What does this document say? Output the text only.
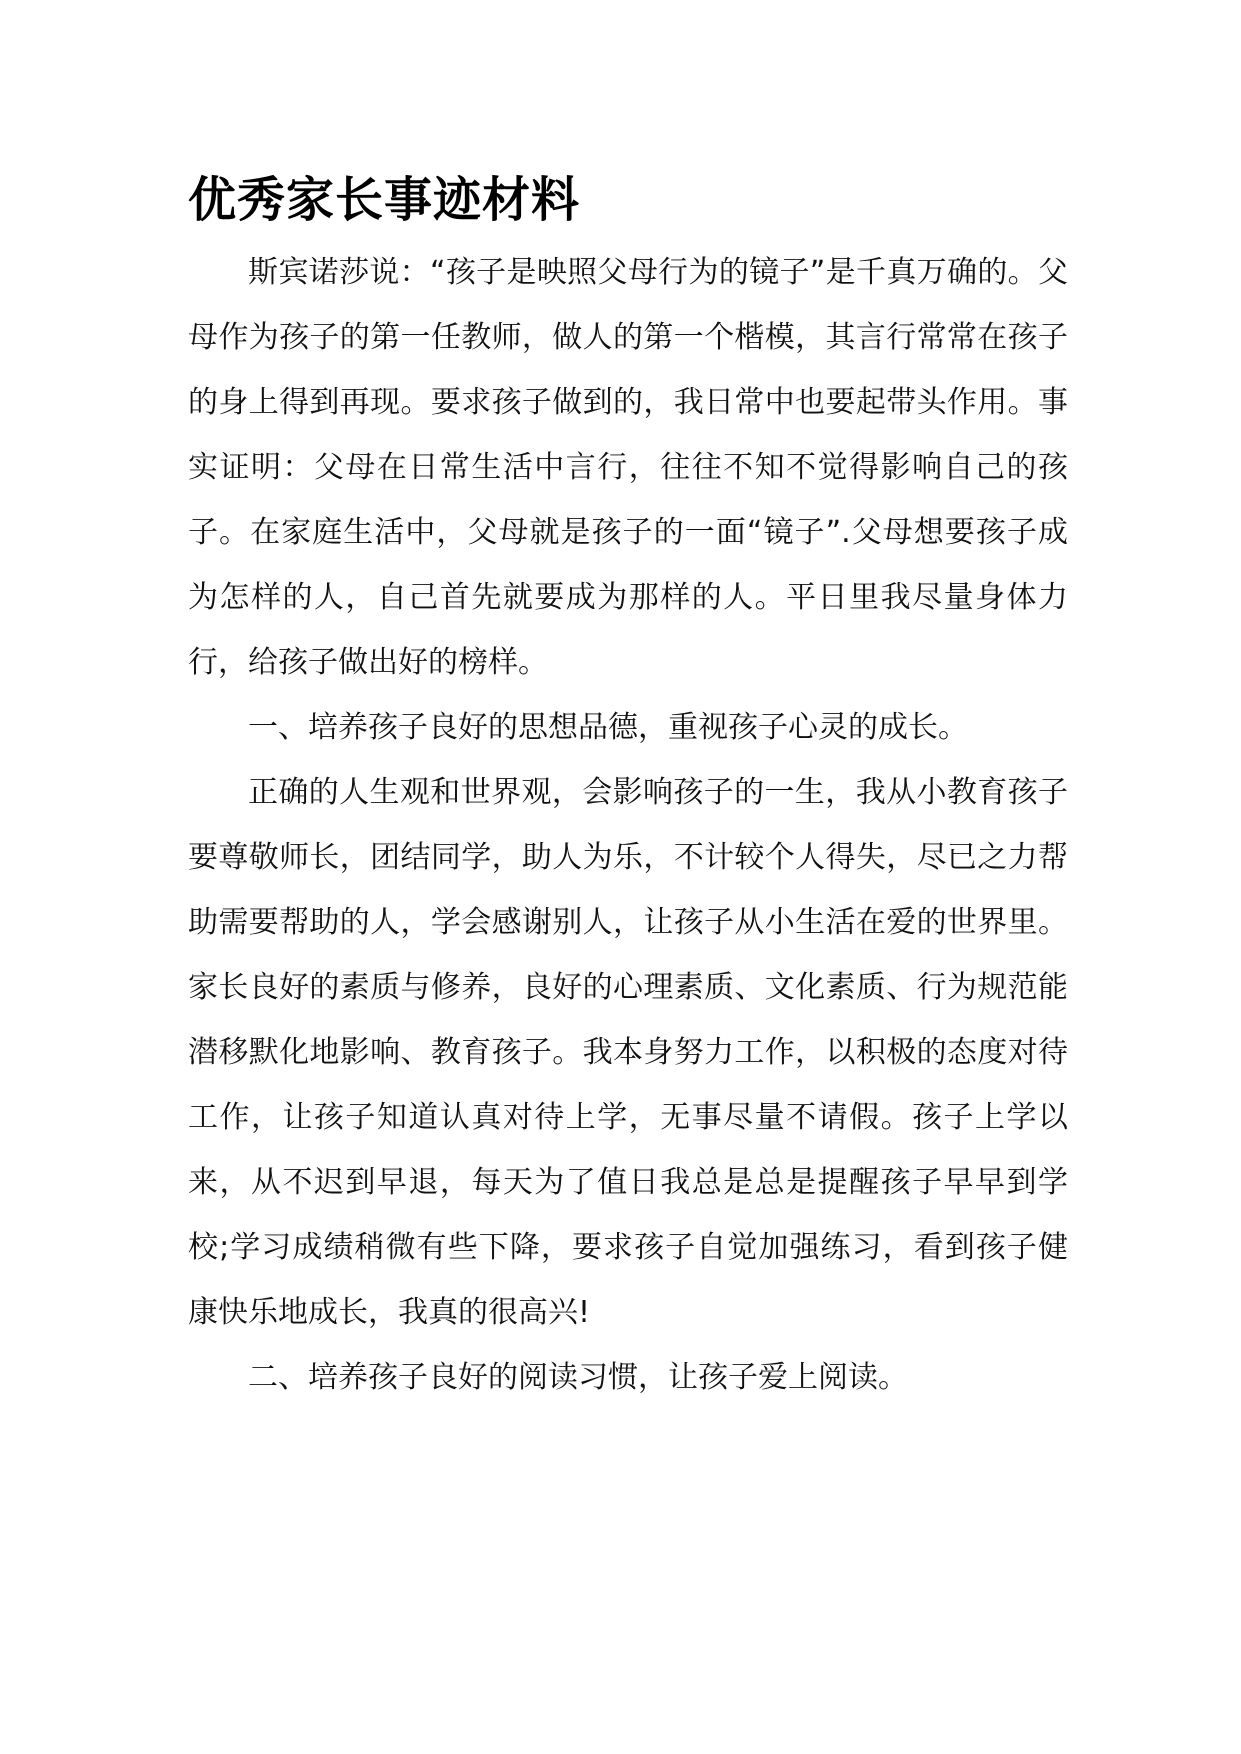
优秀家长事迹材料

斯宾诺莎说：“孩子是映照父母行为的镜子”是千真万确的。父母作为孩子的第一任教师，做人的第一个楷模，其言行常常在孩子的身上得到再现。要求孩子做到的，我日常中也要起带头作用。事实证明：父母在日常生活中言行，往往不知不觉得影响自己的孩子。在家庭生活中，父母就是孩子的一面“镜子”.父母想要孩子成为怎样的人，自己首先就要成为那样的人。平日里我尽量身体力行，给孩子做出好的榜样。

一、培养孩子良好的思想品德，重视孩子心灵的成长。

正确的人生观和世界观，会影响孩子的一生，我从小教育孩子要尊敬师长，团结同学，助人为乐，不计较个人得失，尽已之力帮助需要帮助的人，学会感谢别人，让孩子从小生活在爱的世界里。家长良好的素质与修养，良好的心理素质、文化素质、行为规范能潜移默化地影响、教育孩子。我本身努力工作，以积极的态度对待工作，让孩子知道认真对待上学，无事尽量不请假。孩子上学以来，从不迟到早退，每天为了值日我总是总是提醒孩子早早到学校;学习成绩稍微有些下降，要求孩子自觉加强练习，看到孩子健康快乐地成长，我真的很高兴!

二、培养孩子良好的阅读习惯，让孩子爱上阅读。
